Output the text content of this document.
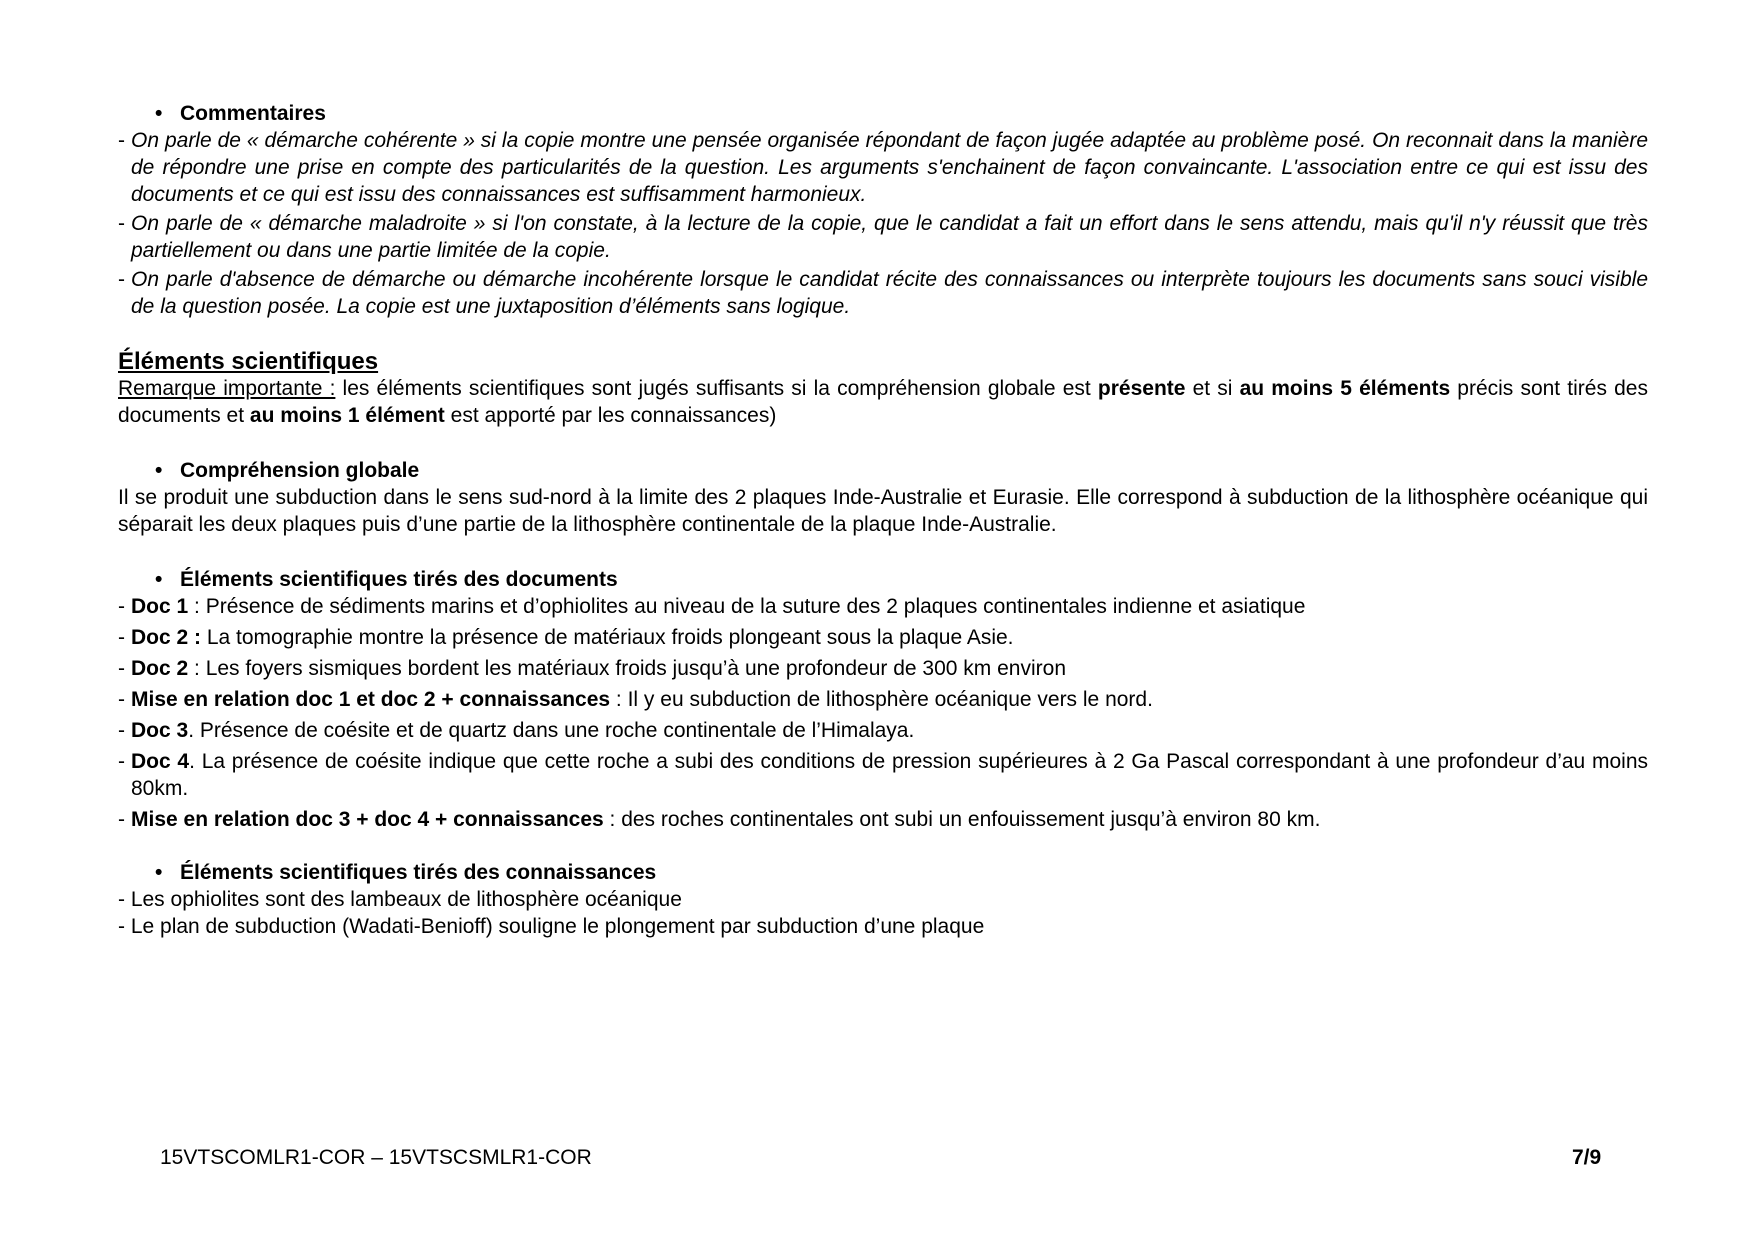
• Commentaires
- On parle de « démarche cohérente » si la copie montre une pensée organisée répondant de façon jugée adaptée au problème posé. On reconnait dans la manière de répondre une prise en compte des particularités de la question. Les arguments s'enchainent de façon convaincante. L'association entre ce qui est issu des documents et ce qui est issu des connaissances est suffisamment harmonieux.
- On parle de « démarche maladroite » si l'on constate, à la lecture de la copie, que le candidat a fait un effort dans le sens attendu, mais qu'il n'y réussit que très partiellement ou dans une partie limitée de la copie.
- On parle d'absence de démarche ou démarche incohérente lorsque le candidat récite des connaissances ou interprète toujours les documents sans souci visible de la question posée. La copie est une juxtaposition d’éléments sans logique.
Éléments scientifiques
Remarque importante : les éléments scientifiques sont jugés suffisants si la compréhension globale est présente et si au moins 5 éléments précis sont tirés des documents et au moins 1 élément est apporté par les connaissances)
• Compréhension globale
Il se produit une subduction dans le sens sud-nord à la limite des 2 plaques Inde-Australie et Eurasie. Elle correspond à subduction de la lithosphère océanique qui séparait les deux plaques puis d’une partie de la lithosphère continentale de la plaque Inde-Australie.
• Éléments scientifiques tirés des documents
- Doc 1 : Présence de sédiments marins et d’ophiolites au niveau de la suture des 2 plaques continentales indienne et asiatique
- Doc 2 : La tomographie montre la présence de matériaux froids plongeant sous la plaque Asie.
- Doc 2 : Les foyers sismiques bordent les matériaux froids jusqu’à une profondeur de 300 km environ
- Mise en relation doc 1 et doc 2 + connaissances : Il y eu subduction de lithosphère océanique vers le nord.
- Doc 3. Présence de coésite et de quartz dans une roche continentale de l’Himalaya.
- Doc 4. La présence de coésite indique que cette roche a subi des conditions de pression supérieures à 2 Ga Pascal correspondant à une profondeur d’au moins 80km.
- Mise en relation doc 3 + doc 4 + connaissances : des roches continentales ont subi un enfouissement jusqu’à environ 80 km.
• Éléments scientifiques tirés des connaissances
- Les ophiolites sont des lambeaux de lithosphère océanique
- Le plan de subduction (Wadati-Benioff) souligne le plongement par subduction d’une plaque
15VTSCOMLR1-COR – 15VTSCSMLR1-COR	7/9
